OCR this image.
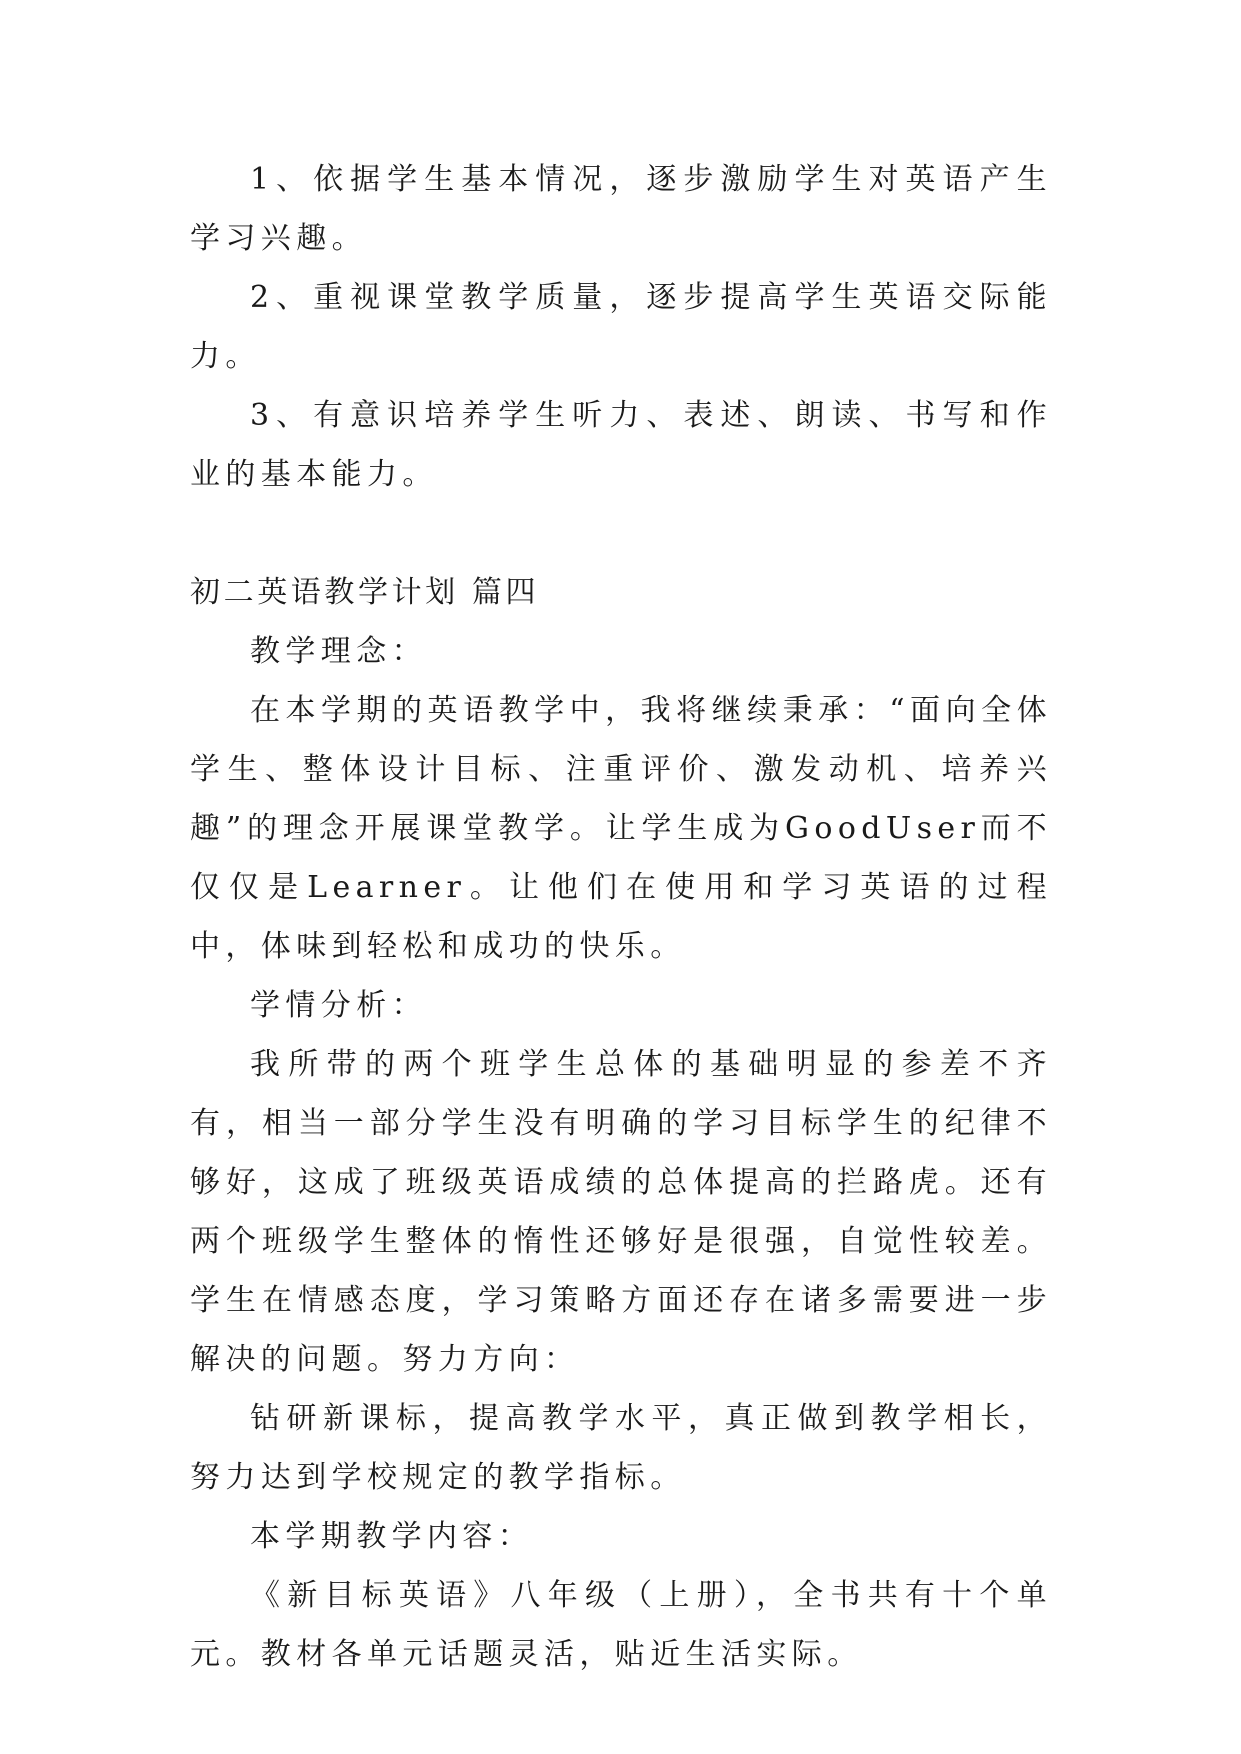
1、依据学生基本情况，逐步激励学生对英语产生学习兴趣。

2、重视课堂教学质量，逐步提高学生英语交际能力。

3、有意识培养学生听力、表述、朗读、书写和作业的基本能力。

初二英语教学计划 篇四

教学理念：

在本学期的英语教学中，我将继续秉承：“面向全体学生、整体设计目标、注重评价、激发动机、培养兴趣”的理念开展课堂教学。让学生成为GoodUser而不仅仅是Learner。让他们在使用和学习英语的过程中，体味到轻松和成功的快乐。

学情分析：

我所带的两个班学生总体的基础明显的参差不齐有，相当一部分学生没有明确的学习目标学生的纪律不够好，这成了班级英语成绩的总体提高的拦路虎。还有两个班级学生整体的惰性还够好是很强，自觉性较差。学生在情感态度，学习策略方面还存在诸多需要进一步解决的问题。努力方向：

钻研新课标，提高教学水平，真正做到教学相长，努力达到学校规定的教学指标。

本学期教学内容：

《新目标英语》八年级（上册），全书共有十个单元。教材各单元话题灵活，贴近生活实际。
